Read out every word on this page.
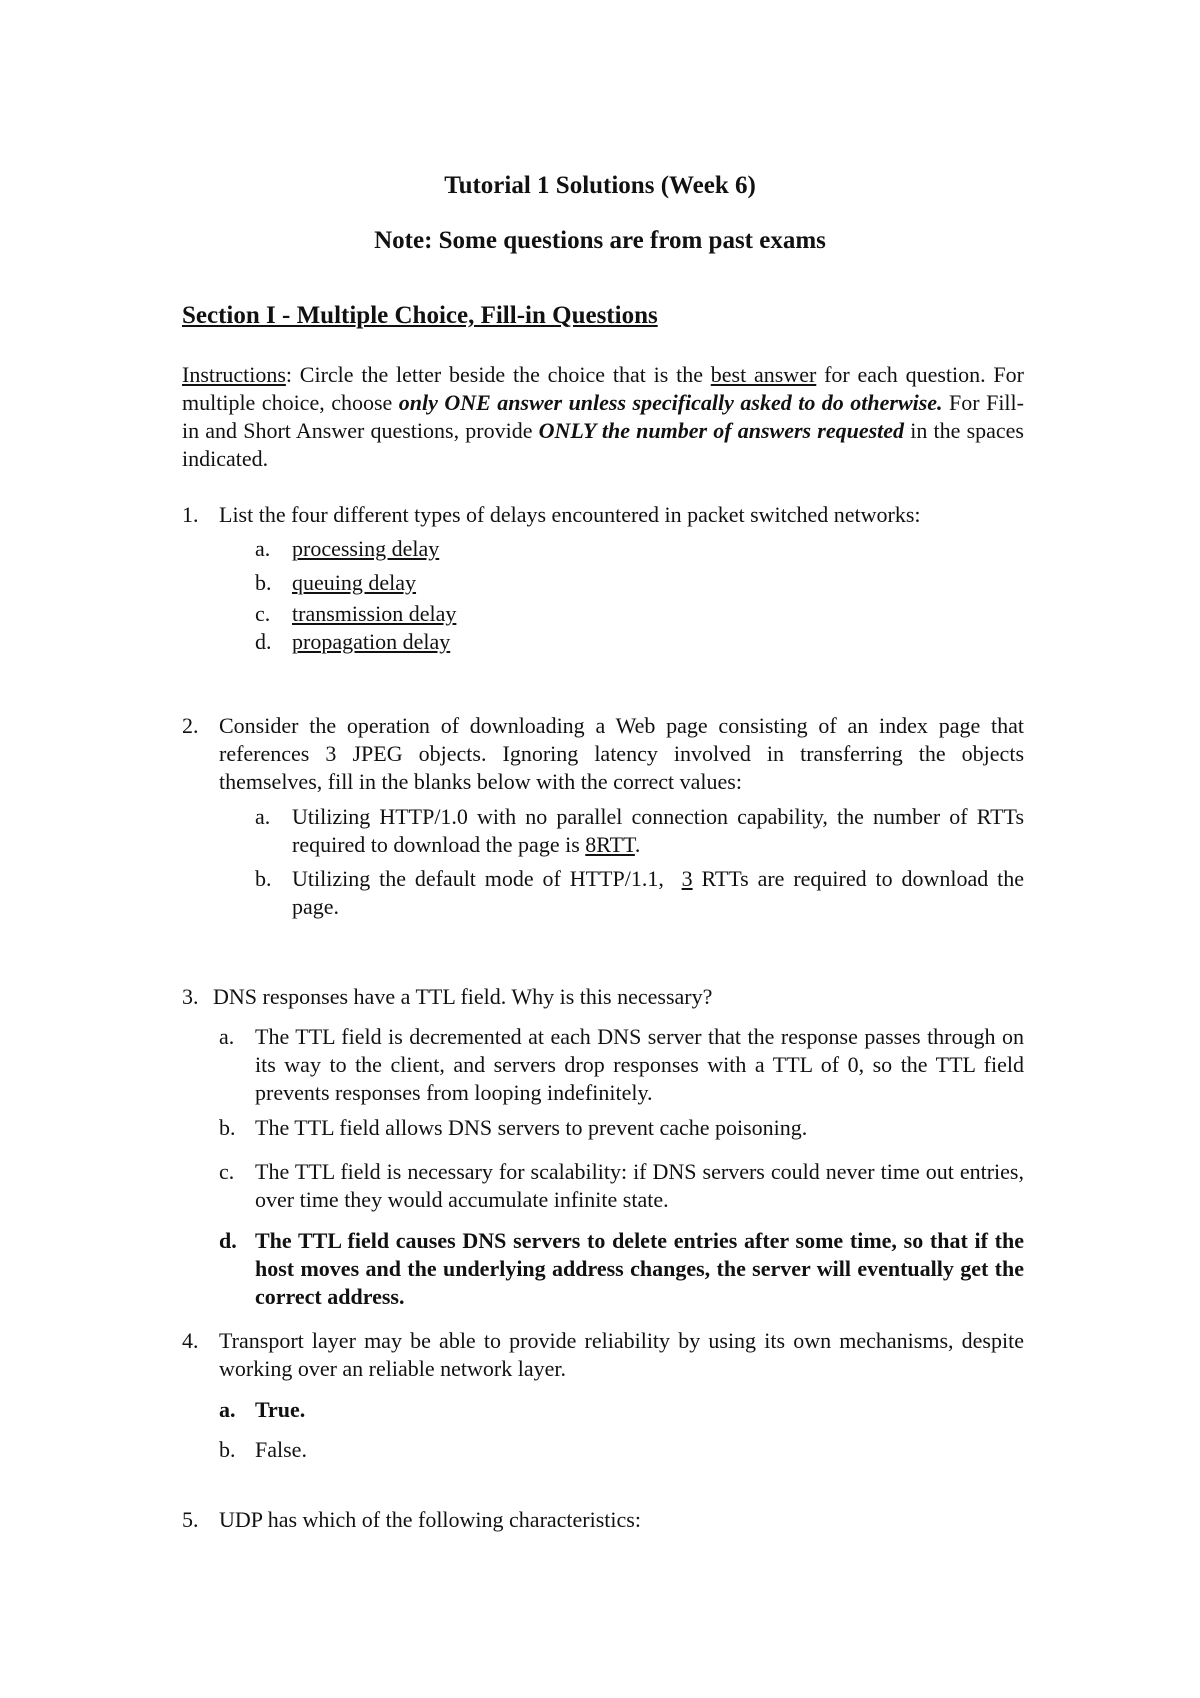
Tutorial 1 Solutions (Week 6)
Note: Some questions are from past exams
Section I - Multiple Choice, Fill-in Questions
Instructions: Circle the letter beside the choice that is the best answer for each question. For multiple choice, choose only ONE answer unless specifically asked to do otherwise. For Fill-in and Short Answer questions, provide ONLY the number of answers requested in the spaces indicated.
1. List the four different types of delays encountered in packet switched networks:
a. processing delay
b. queuing delay
c. transmission delay
d. propagation delay
2. Consider the operation of downloading a Web page consisting of an index page that references 3 JPEG objects. Ignoring latency involved in transferring the objects themselves, fill in the blanks below with the correct values:
a. Utilizing HTTP/1.0 with no parallel connection capability, the number of RTTs required to download the page is 8RTT.
b. Utilizing the default mode of HTTP/1.1,  3 RTTs are required to download the page.
3. DNS responses have a TTL field. Why is this necessary?
a. The TTL field is decremented at each DNS server that the response passes through on its way to the client, and servers drop responses with a TTL of 0, so the TTL field prevents responses from looping indefinitely.
b. The TTL field allows DNS servers to prevent cache poisoning.
c. The TTL field is necessary for scalability: if DNS servers could never time out entries, over time they would accumulate infinite state.
d. The TTL field causes DNS servers to delete entries after some time, so that if the host moves and the underlying address changes, the server will eventually get the correct address.
4. Transport layer may be able to provide reliability by using its own mechanisms, despite working over an reliable network layer.
a. True.
b. False.
5. UDP has which of the following characteristics:
